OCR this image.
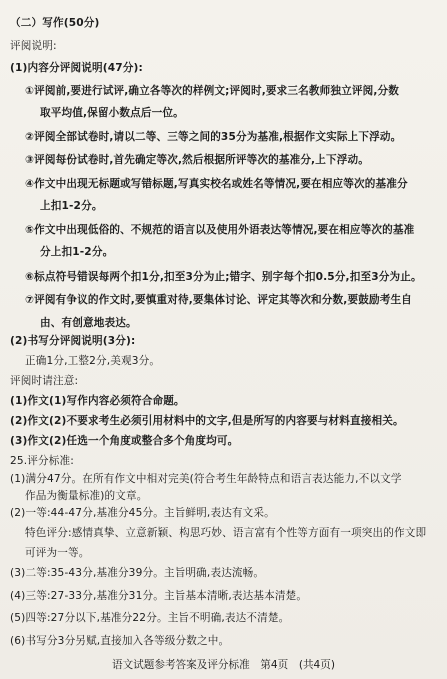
（二）写作(50分)
评阅说明:
(1)内容分评阅说明(47分):
①评阅前,要进行试评,确立各等次的样例文;评阅时,要求三名教师独立评阅,分数
取平均值,保留小数点后一位。
②评阅全部试卷时,请以二等、三等之间的35分为基准,根据作文实际上下浮动。
③评阅每份试卷时,首先确定等次,然后根据所评等次的基准分,上下浮动。
④作文中出现无标题或写错标题,写真实校名或姓名等情况,要在相应等次的基准分
上扣1-2分。
⑤作文中出现低俗的、不规范的语言以及使用外语表达等情况,要在相应等次的基准
分上扣1-2分。
⑥标点符号错误每两个扣1分,扣至3分为止;错字、别字每个扣0.5分,扣至3分为止。
⑦评阅有争议的作文时,要慎重对待,要集体讨论、评定其等次和分数,要鼓励考生自
由、有创意地表达。
(2)书写分评阅说明(3分):
正确1分,工整2分,美观3分。
评阅时请注意:
(1)作文(1)写作内容必须符合命题。
(2)作文(2)不要求考生必须引用材料中的文字,但是所写的内容要与材料直接相关。
(3)作文(2)任选一个角度或整合多个角度均可。
25.评分标准:
(1)满分47分。在所有作文中相对完美(符合考生年龄特点和语言表达能力,不以文学
作品为衡量标准)的文章。
(2)一等:44-47分,基准分45分。主旨鲜明,表达有文采。
特色评分:感情真挚、立意新颖、构思巧妙、语言富有个性等方面有一项突出的作文即
可评为一等。
(3)二等:35-43分,基准分39分。主旨明确,表达流畅。
(4)三等:27-33分,基准分31分。主旨基本清晰,表达基本清楚。
(5)四等:27分以下,基准分22分。主旨不明确,表达不清楚。
语文试题参考答案及评分标准　第4页　(共4页)
(6)书写分3分另赋,直接加入各等级分数之中。
